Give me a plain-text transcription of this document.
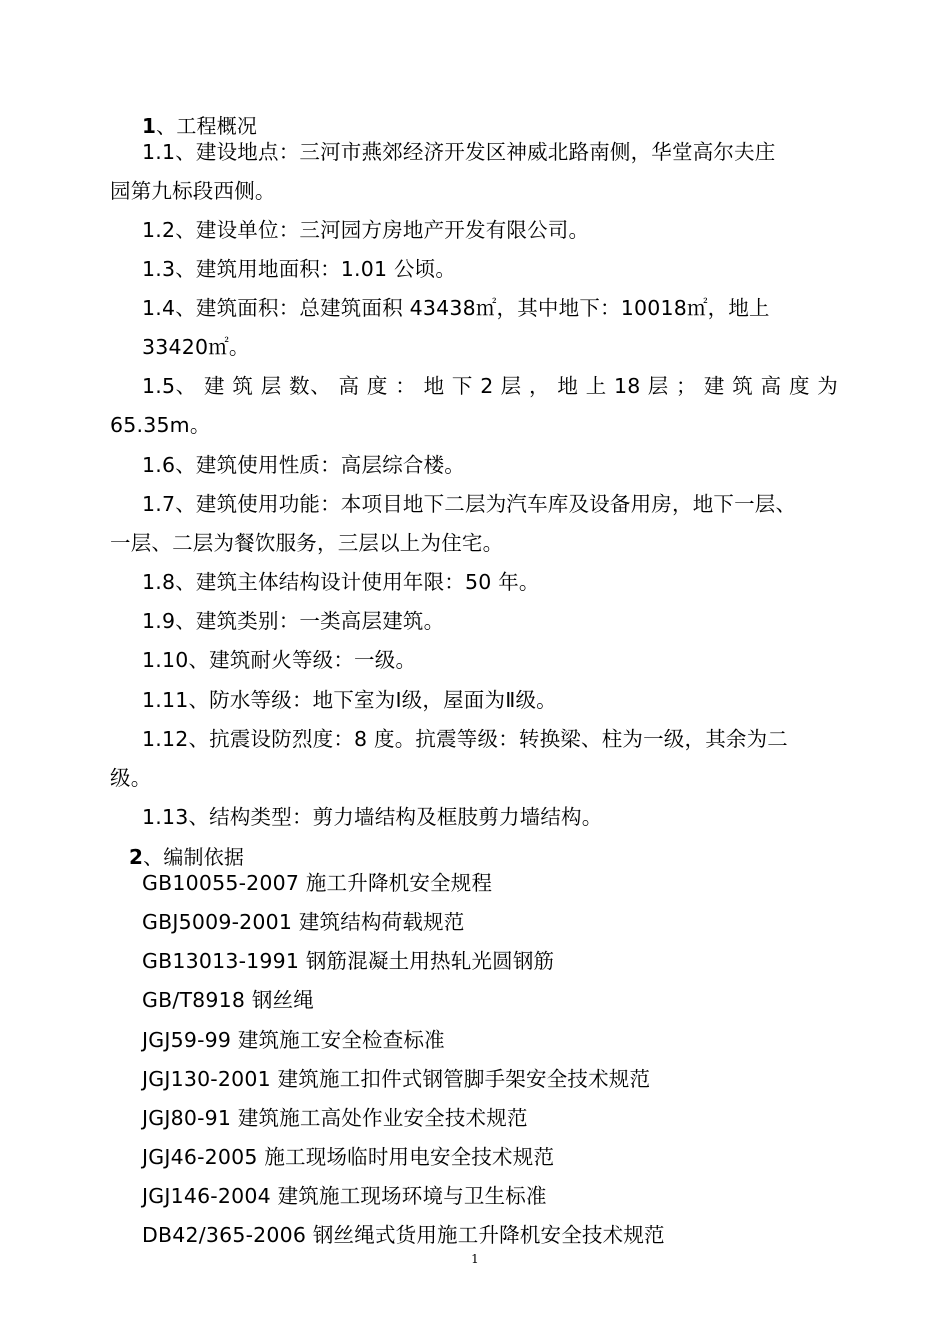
1、工程概况
1.1、建设地点：三河市燕郊经济开发区神威北路南侧，华堂高尔夫庄
园第九标段西侧。
1.2、建设单位：三河园方房地产开发有限公司。
1.3、建筑用地面积：1.01 公顷。
1.4、建筑面积：总建筑面积 43438㎡，其中地下：10018㎡，地上
33420㎡。
1.5、 建 筑 层 数、 高 度 ： 地 下 2 层 ， 地 上 18 层 ； 建 筑 高 度 为
65.35m。
1.6、建筑使用性质：高层综合楼。
1.7、建筑使用功能：本项目地下二层为汽车库及设备用房，地下一层、
一层、二层为餐饮服务，三层以上为住宅。
1.8、建筑主体结构设计使用年限：50 年。
1.9、建筑类别：一类高层建筑。
1.10、建筑耐火等级：一级。
1.11、防水等级：地下室为Ⅰ级，屋面为Ⅱ级。
1.12、抗震设防烈度：8 度。抗震等级：转换梁、柱为一级，其余为二
级。
1.13、结构类型：剪力墙结构及框肢剪力墙结构。
2、编制依据
GB10055-2007 施工升降机安全规程
GBJ5009-2001 建筑结构荷载规范
GB13013-1991 钢筋混凝土用热轧光圆钢筋
GB/T8918 钢丝绳
JGJ59-99 建筑施工安全检查标准
JGJ130-2001 建筑施工扣件式钢管脚手架安全技术规范
JGJ80-91 建筑施工高处作业安全技术规范
JGJ46-2005 施工现场临时用电安全技术规范
JGJ146-2004 建筑施工现场环境与卫生标准
DB42/365-2006 钢丝绳式货用施工升降机安全技术规范
1
